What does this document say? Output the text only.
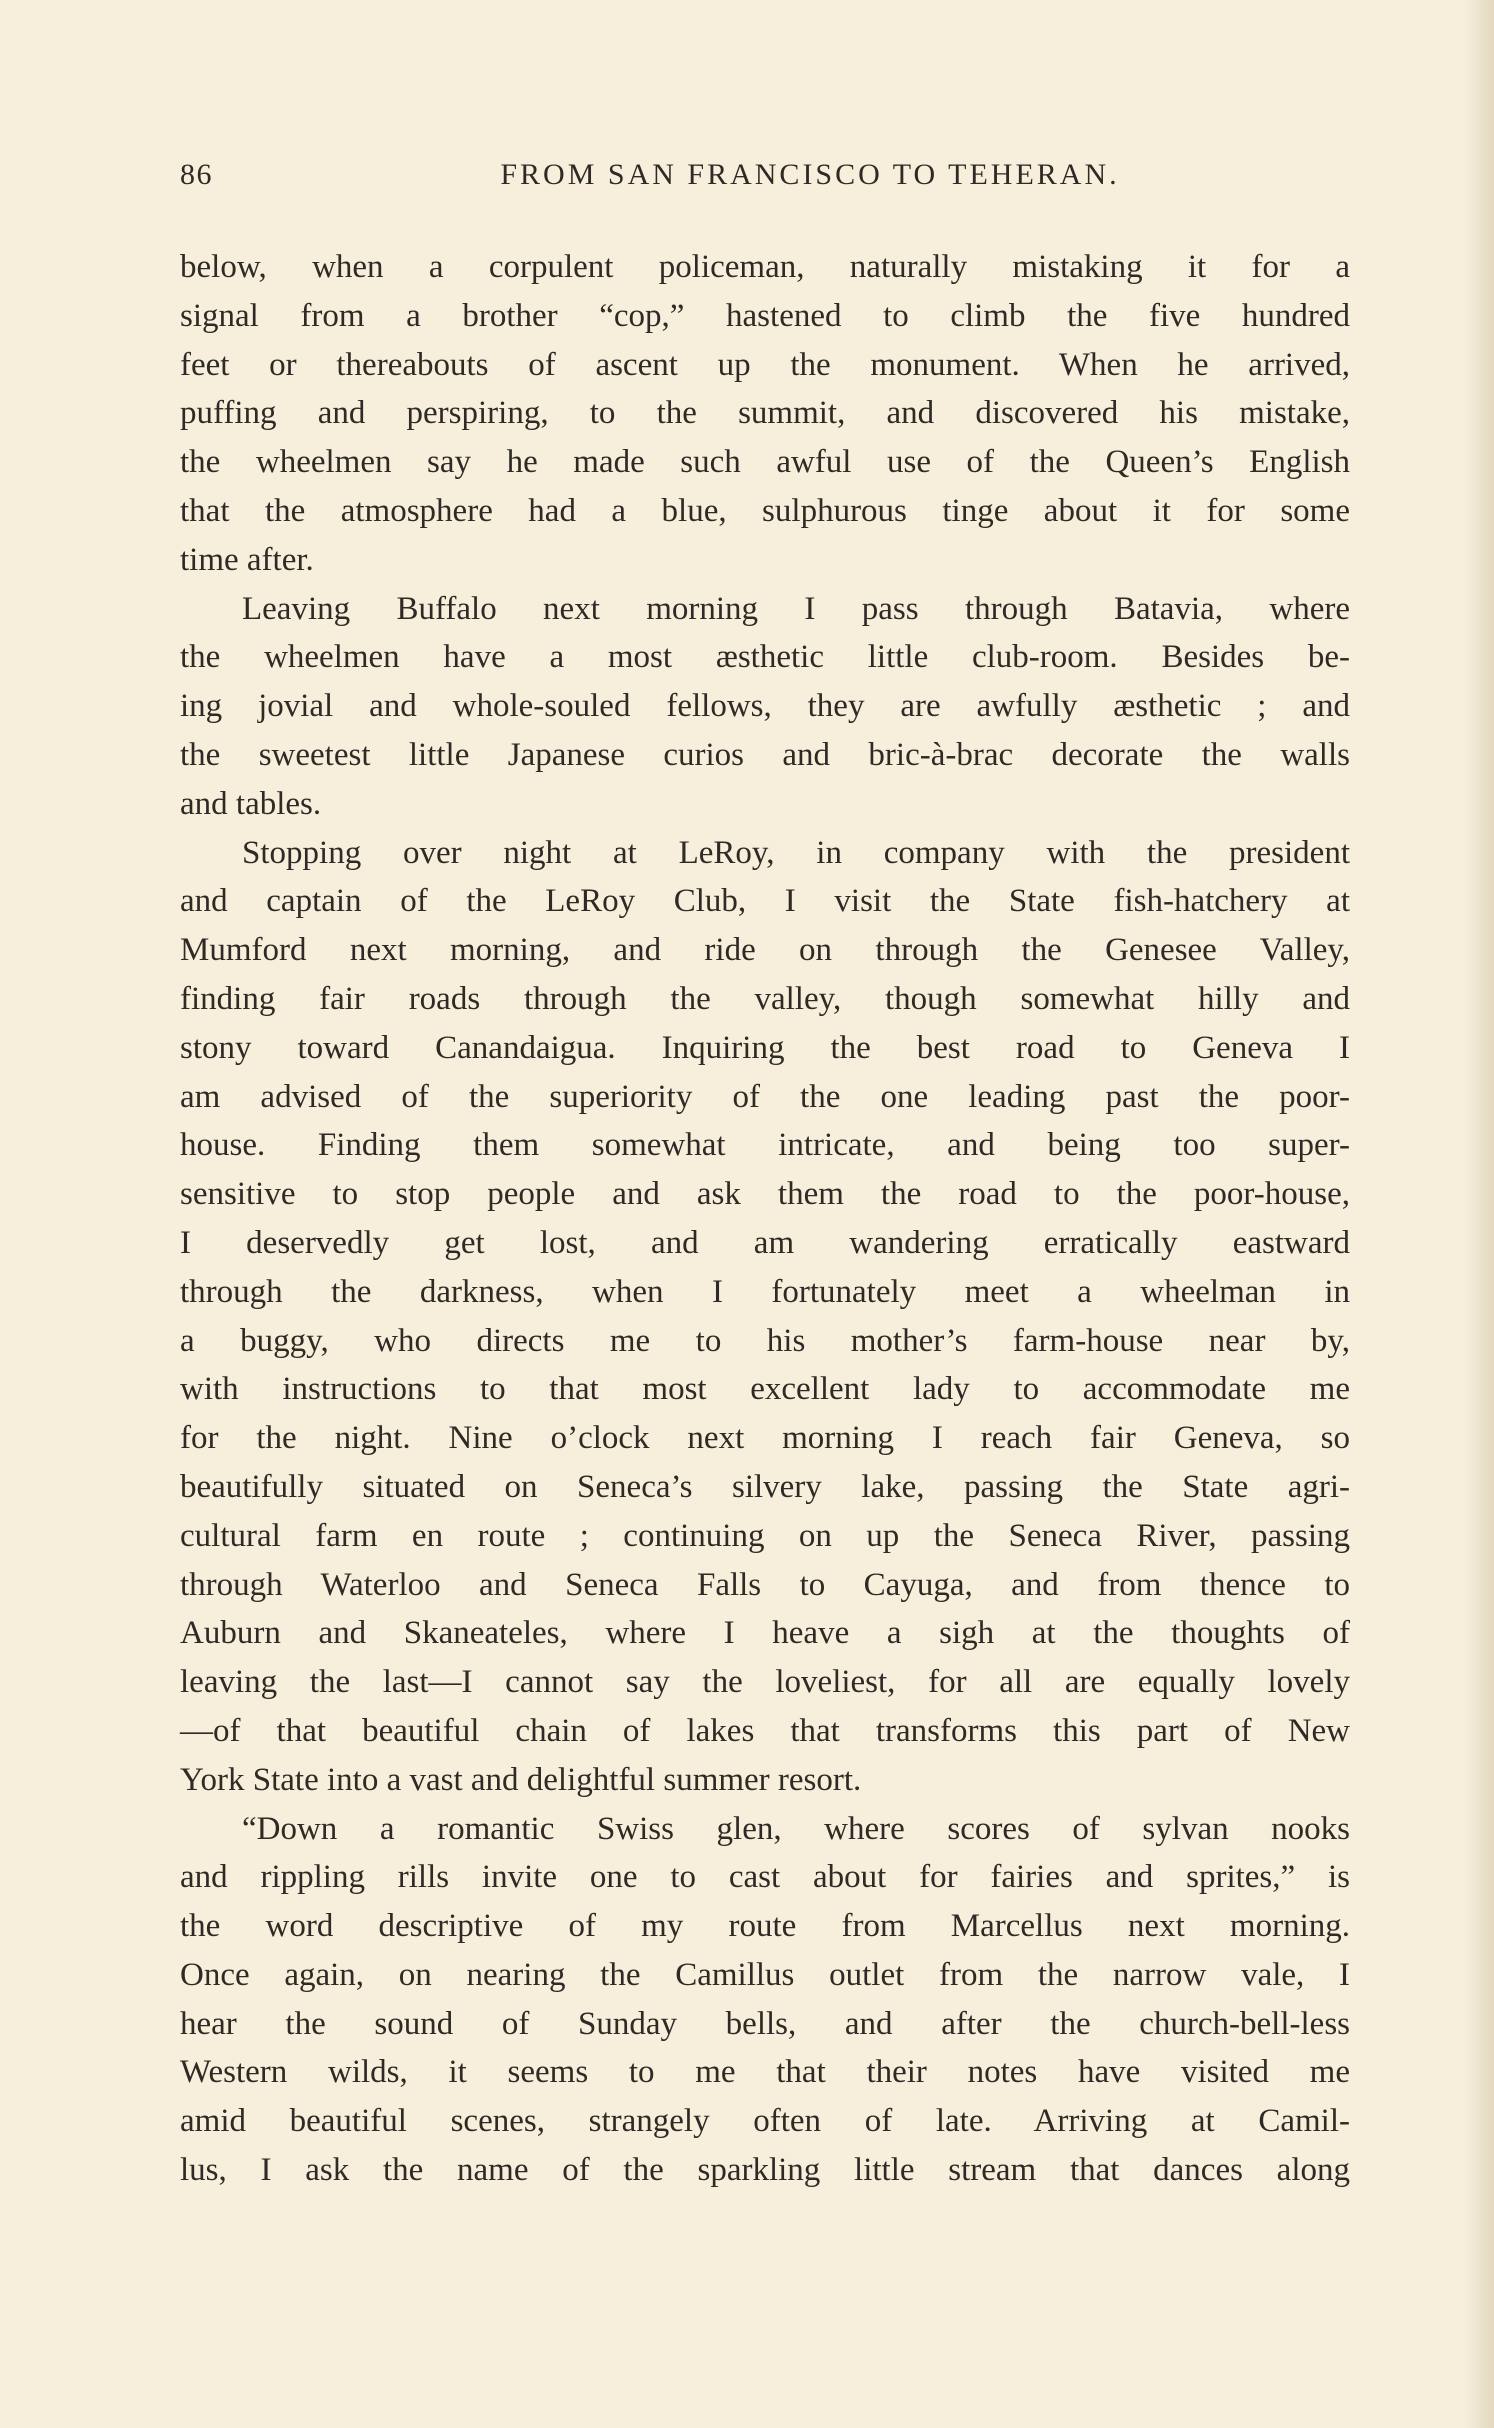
86	FROM SAN FRANCISCO TO TEHERAN.
below, when a corpulent policeman, naturally mistaking it for a
signal from a brother “cop,” hastened to climb the five hundred
feet or thereabouts of ascent up the monument. When he arrived,
puffing and perspiring, to the summit, and discovered his mistake,
the wheelmen say he made such awful use of the Queen’s English
that the atmosphere had a blue, sulphurous tinge about it for some
time after.
Leaving Buffalo next morning I pass through Batavia, where
the wheelmen have a most æsthetic little club-room. Besides be-
ing jovial and whole-souled fellows, they are awfully æsthetic ; and
the sweetest little Japanese curios and bric-à-brac decorate the walls
and tables.
Stopping over night at LeRoy, in company with the president
and captain of the LeRoy Club, I visit the State fish-hatchery at
Mumford next morning, and ride on through the Genesee Valley,
finding fair roads through the valley, though somewhat hilly and
stony toward Canandaigua. Inquiring the best road to Geneva I
am advised of the superiority of the one leading past the poor-
house. Finding them somewhat intricate, and being too super-
sensitive to stop people and ask them the road to the poor-house,
I deservedly get lost, and am wandering erratically eastward
through the darkness, when I fortunately meet a wheelman in
a buggy, who directs me to his mother’s farm-house near by,
with instructions to that most excellent lady to accommodate me
for the night. Nine o’clock next morning I reach fair Geneva, so
beautifully situated on Seneca’s silvery lake, passing the State agri-
cultural farm en route ; continuing on up the Seneca River, passing
through Waterloo and Seneca Falls to Cayuga, and from thence to
Auburn and Skaneateles, where I heave a sigh at the thoughts of
leaving the last—I cannot say the loveliest, for all are equally lovely
—of that beautiful chain of lakes that transforms this part of New
York State into a vast and delightful summer resort.
“Down a romantic Swiss glen, where scores of sylvan nooks
and rippling rills invite one to cast about for fairies and sprites,” is
the word descriptive of my route from Marcellus next morning.
Once again, on nearing the Camillus outlet from the narrow vale, I
hear the sound of Sunday bells, and after the church-bell-less
Western wilds, it seems to me that their notes have visited me
amid beautiful scenes, strangely often of late. Arriving at Camil-
lus, I ask the name of the sparkling little stream that dances along
